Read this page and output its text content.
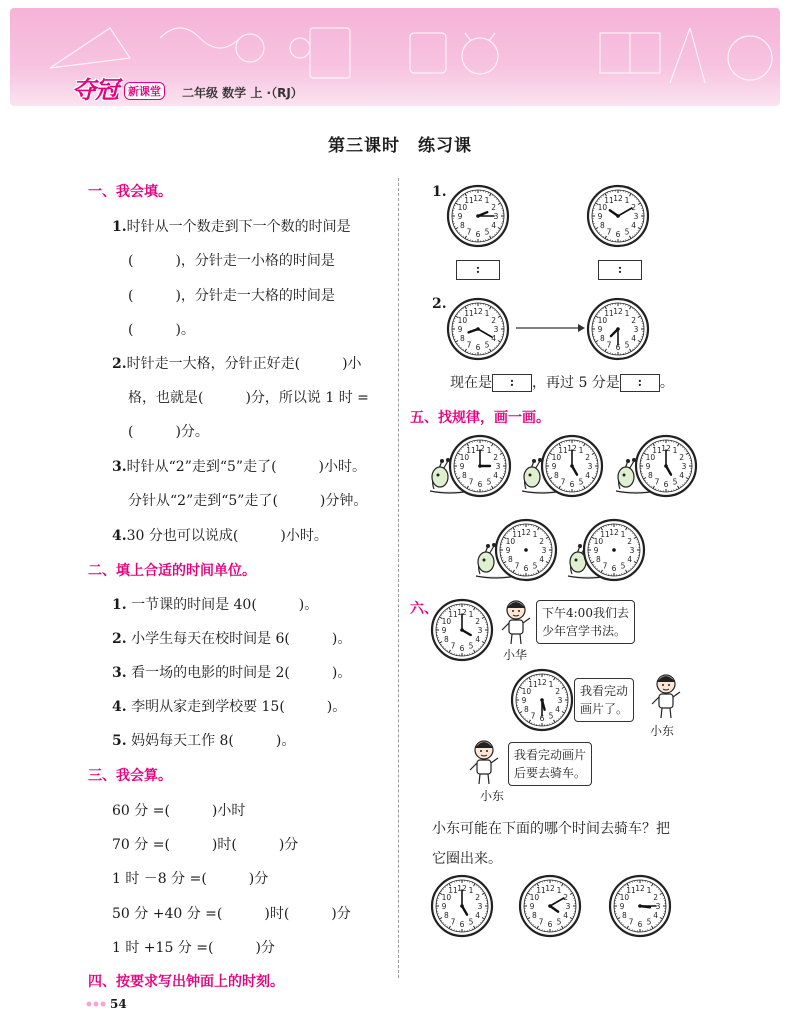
夺冠 新课堂	二年级 数学 上 ·（RJ）
第三课时　练习课
一、我会填。
1.时针从一个数走到下一个数的时间是
(　　　)，分针走一小格的时间是
(　　　)，分针走一大格的时间是
(　　　)。
2.时针走一大格，分针正好走(　　　)小
格，也就是(　　　)分，所以说 1 时 =
(　　　)分。
3.时针从“2”走到“5”走了(　　　)小时。
分针从“2”走到“5”走了(　　　)分钟。
4.30 分也可以说成(　　　)小时。
二、填上合适的时间单位。
1. 一节课的时间是 40(　　　)。
2. 小学生每天在校时间是 6(　　　)。
3. 看一场的电影的时间是 2(　　　)。
4. 李明从家走到学校要 15(　　　)。
5. 妈妈每天工作 8(　　　)。
三、我会算。
60 分 =(　　　)小时
70 分 =(　　　)时(　　　)分
1 时 －8 分 =(　　　)分
50 分 +40 分 =(　　　)时(　　　)分
1 时 +15 分 =(　　　)分
四、按要求写出钟面上的时刻。
1.
1
2
3
4
5
6
7
8
9
10
11 12	1
2
3
4
5
6
7
8
9
10
11 12
:	:
2.
1
2
3
4
5
6
7
8
9
10
11 12	1
2
3
4
5
6
7
8
9
10
11 12
现在是 : ，再过 5 分是 : 。
五、找规律，画一画。
1
2
3
4
5
6
7
8
9
10
11 12	1
2
3
4
5
6
7
8
9
10
11 12	1
2
3
4
5
6
7
8
9
10
11 12
1
2
3
4
5
6
7
8
9
10
11 12	1
2
3
4
5
6
7
8
9
10
11 12
六、	1
2
3
4
5
6
7
8
9
10
11 12	下午4:00我们去
少年宫学书法。
小华
1
2
3
4
5
6
7
8
9
10
11 12
我看完动
画片了。
小东
我看完动画片
后要去骑车。
小东
小东可能在下面的哪个时间去骑车？把
它圈出来。
1
2
3
4
5
6
7
8
9
10
11 12	1
2
3
4
5
6
7
8
9
10
11 12	1
2
3
4
5
6
7
8
9
10
11 12
54
